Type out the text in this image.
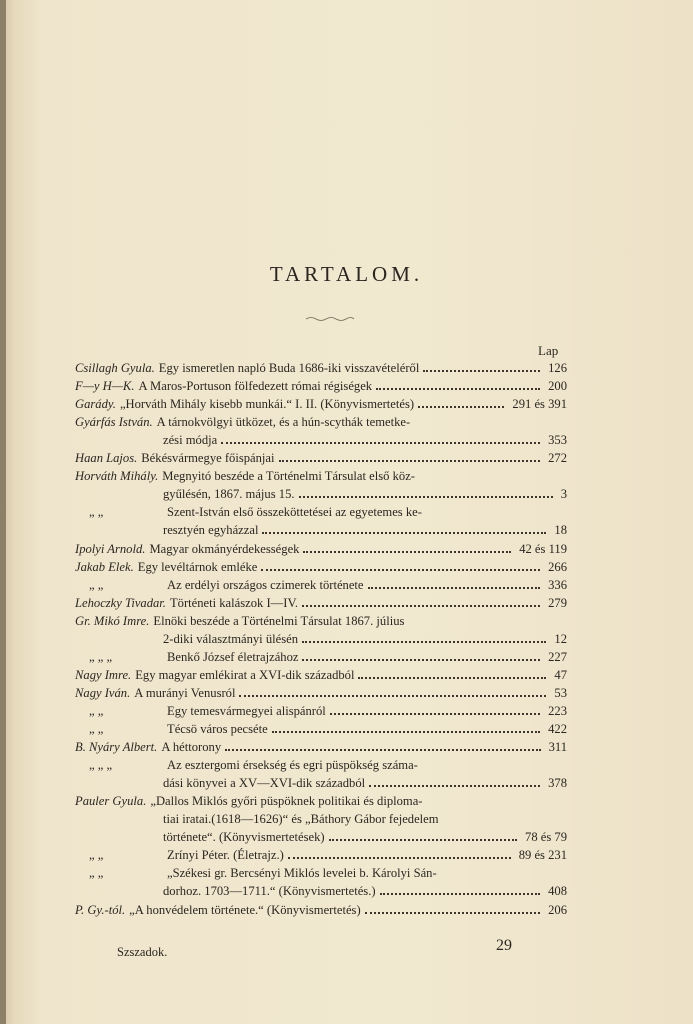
TARTALOM.
Lap
Csillagh Gyula. Egy ismeretlen napló Buda 1686-iki visszavételéről	126
F—y H—K. A Maros-Portuson fölfedezett római régiségek	200
Garády. „Horváth Mihály kisebb munkái.“ I. II. (Könyvismertetés)	291 és 391
Gyárfás István. A tárnokvölgyi ütközet, és a hún-scythák temetke-
zési módja	353
Haan Lajos. Békésvármegye főispánjai	272
Horváth Mihály. Megnyitó beszéde a Történelmi Társulat első köz-
gyűlésén, 1867. május 15.	3
„ „	Szent-István első összeköttetései az egyetemes ke-
resztyén egyházzal	18
Ipolyi Arnold. Magyar okmányérdekességek	42 és 119
Jakab Elek. Egy levéltárnok emléke	266
„ „	Az erdélyi országos czimerek története	336
Lehoczky Tivadar. Történeti kalászok I—IV.	279
Gr. Mikó Imre. Elnöki beszéde a Történelmi Társulat 1867. július
2-diki választmányi ülésén	12
„ „ „	Benkő József életrajzához	227
Nagy Imre. Egy magyar emlékirat a XVI-dik századból	47
Nagy Iván. A murányi Venusról	53
„ „	Egy temesvármegyei alispánról	223
„ „	Técsö város pecséte	422
B. Nyáry Albert. A héttorony	311
„ „ „	Az esztergomi érsekség és egri püspökség száma-
dási könyvei a XV—XVI-dik századból	378
Pauler Gyula. „Dallos Miklós győri püspöknek politikai és diploma-
tiai iratai.(1618—1626)“ és „Báthory Gábor fejedelem
története“. (Könyvismertetések)	78 és 79
„ „	Zrínyi Péter. (Életrajz.)	89 és 231
„ „	„Székesi gr. Bercsényi Miklós levelei b. Károlyi Sán-
dorhoz. 1703—1711.“ (Könyvismertetés.)	408
P. Gy.-tól. „A honvédelem története.“ (Könyvismertetés)	206
Szszadok.	29
